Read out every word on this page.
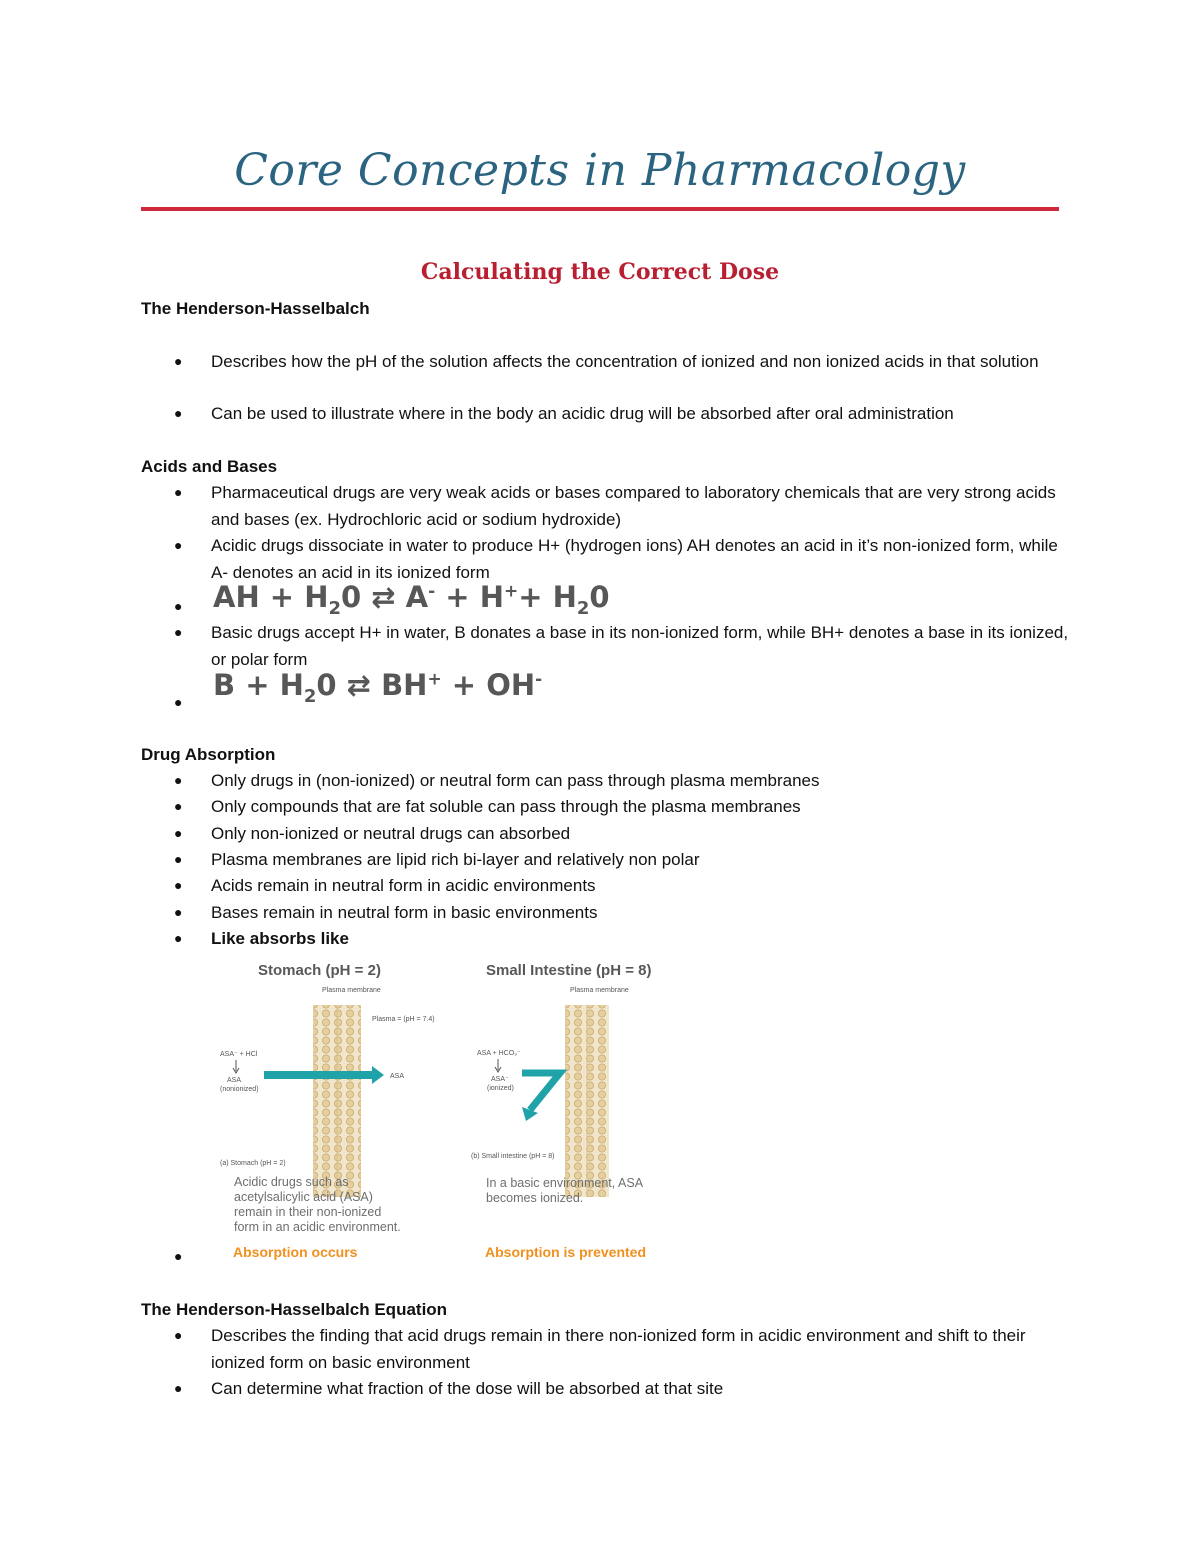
Core Concepts in Pharmacology
Calculating the Correct Dose
The Henderson-Hasselbalch
● Describes how the pH of the solution affects the concentration of ionized and non ionized acids in that solution
● Can be used to illustrate where in the body an acidic drug will be absorbed after oral administration
Acids and Bases
● Pharmaceutical drugs are very weak acids or bases compared to laboratory chemicals that are very strong acids and bases (ex. Hydrochloric acid or sodium hydroxide)
● Acidic drugs dissociate in water to produce H+ (hydrogen ions) AH denotes an acid in it’s non-ionized form, while A- denotes an acid in its ionized form
● AH + $H_20$ ⇄ $A^- + H^++ H_20$
● Basic drugs accept H+ in water, B donates a base in its non-ionized form, while BH+ denotes a base in its ionized, or polar form
● $B + H_20$ ⇄ BH+ + OH-
Drug Absorption
● Only drugs in (non-ionized) or neutral form can pass through plasma membranes
● Only compounds that are fat soluble can pass through the plasma membranes
● Only non-ionized or neutral drugs can absorbed
● Plasma membranes are lipid rich bi-layer and relatively non polar
● Acids remain in neutral form in acidic environments
● Bases remain in neutral form in basic environments
● Like absorbs like
Stomach (pH = 2)	Small Intestine (pH = 8)
Plasma membrane
Plasma = (pH = 7.4)
ASA⁻ + HCl
ASA
(nonionized)
ASA
Plasma membrane
ASA + HCO₃⁻
ASA⁻
(ionized)
(a) Stomach (pH = 2)
(b) Small intestine (pH = 8)
Acidic drugs such as
acetylsalicylic acid (ASA)
remain in their non-ionized
form in an acidic environment.
In a basic environment, ASA
becomes ionized.
Absorption occurs	Absorption is prevented
●
The Henderson-Hasselbalch Equation
● Describes the finding that acid drugs remain in there non-ionized form in acidic environment and shift to their ionized form on basic environment
● Can determine what fraction of the dose will be absorbed at that site
